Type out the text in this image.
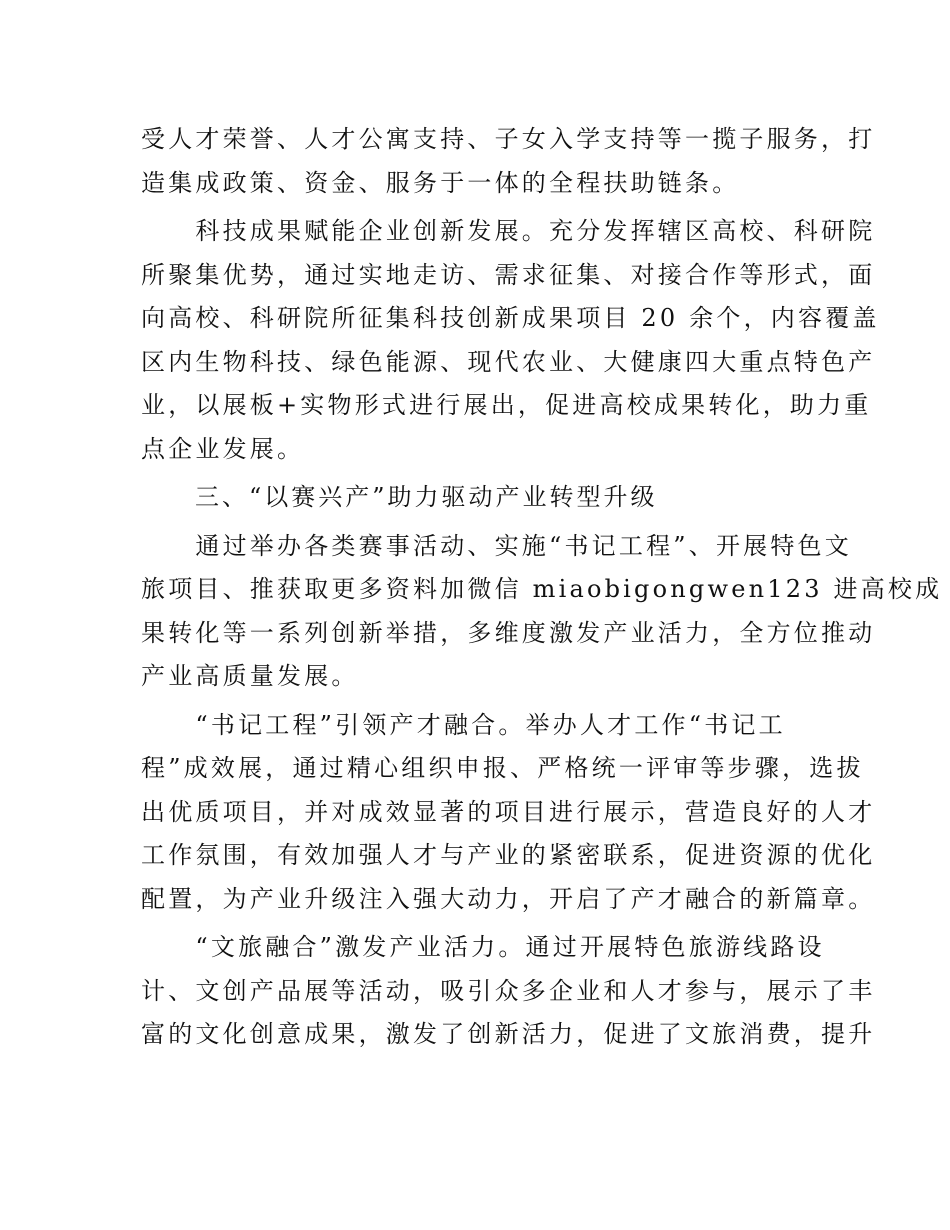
受人才荣誉、人才公寓支持、子女入学支持等一揽子服务，打
造集成政策、资金、服务于一体的全程扶助链条。
　　科技成果赋能企业创新发展。充分发挥辖区高校、科研院
所聚集优势，通过实地走访、需求征集、对接合作等形式，面
向高校、科研院所征集科技创新成果项目 20 余个，内容覆盖
区内生物科技、绿色能源、现代农业、大健康四大重点特色产
业，以展板+实物形式进行展出，促进高校成果转化，助力重
点企业发展。
　　三、“以赛兴产”助力驱动产业转型升级
　　通过举办各类赛事活动、实施“书记工程”、开展特色文
旅项目、推获取更多资料加微信 miaobigongwen123 进高校成
果转化等一系列创新举措，多维度激发产业活力，全方位推动
产业高质量发展。
　　“书记工程”引领产才融合。举办人才工作“书记工
程”成效展，通过精心组织申报、严格统一评审等步骤，选拔
出优质项目，并对成效显著的项目进行展示，营造良好的人才
工作氛围，有效加强人才与产业的紧密联系，促进资源的优化
配置，为产业升级注入强大动力，开启了产才融合的新篇章。
　　“文旅融合”激发产业活力。通过开展特色旅游线路设
计、文创产品展等活动，吸引众多企业和人才参与，展示了丰
富的文化创意成果，激发了创新活力，促进了文旅消费，提升
